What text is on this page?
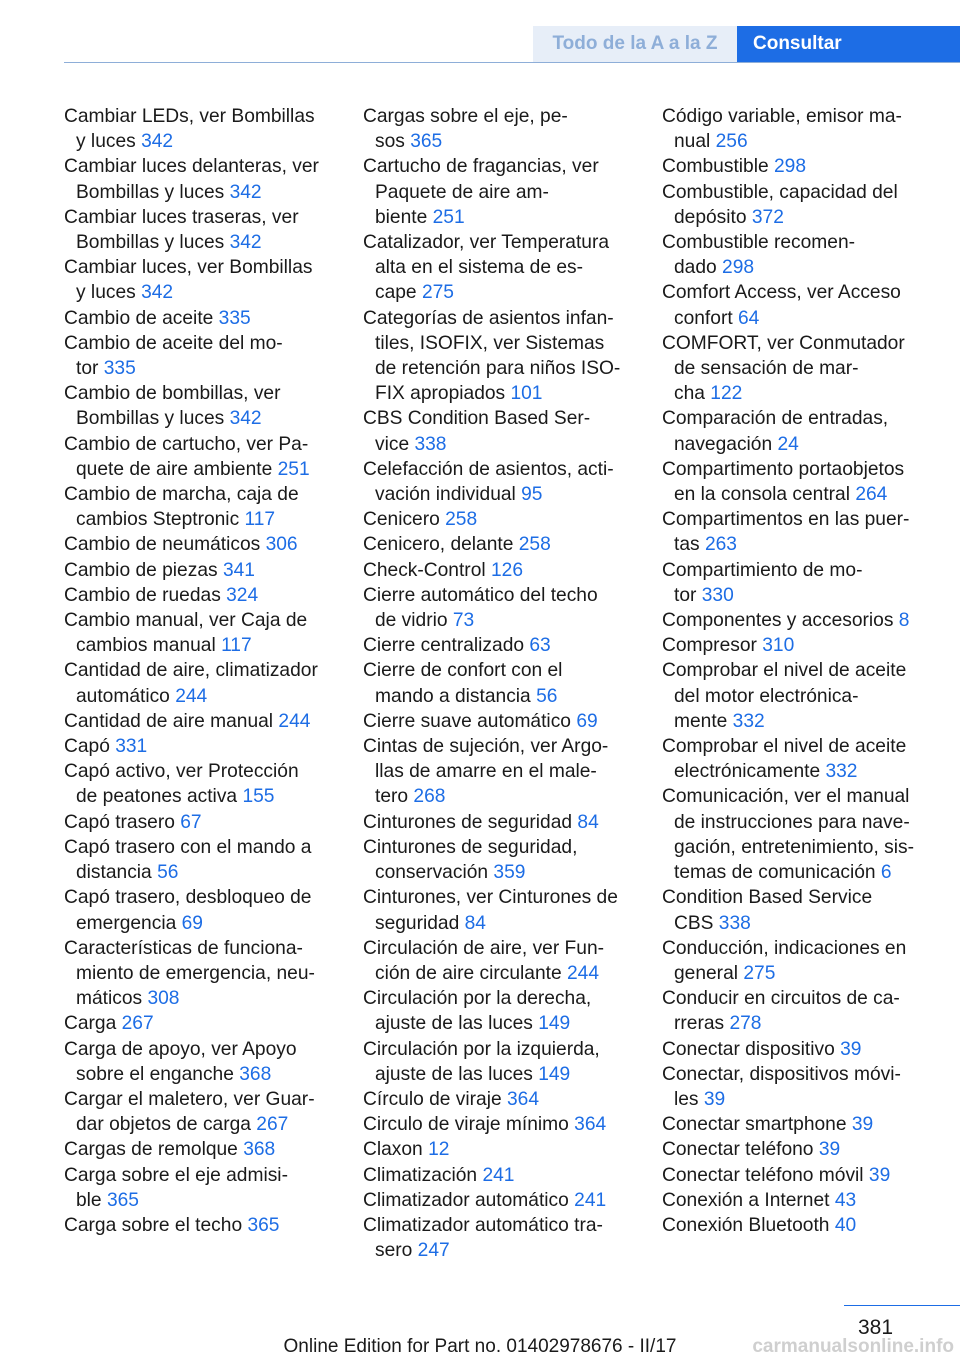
Todo de la A a la Z	Consultar

Cambiar LEDs, ver Bombillas
y luces 342

Cambiar luces delanteras, ver
Bombillas y luces 342

Cambiar luces traseras, ver
Bombillas y luces 342

Cambiar luces, ver Bombillas
y luces 342

Cambio de aceite 335

Cambio de aceite del mo-
tor 335

Cambio de bombillas, ver
Bombillas y luces 342

Cambio de cartucho, ver Pa-
quete de aire ambiente 251

Cambio de marcha, caja de
cambios Steptronic 117

Cambio de neumáticos 306

Cambio de piezas 341

Cambio de ruedas 324

Cambio manual, ver Caja de
cambios manual 117

Cantidad de aire, climatizador
automático 244

Cantidad de aire manual 244

Capó 331

Capó activo, ver Protección
de peatones activa 155

Capó trasero 67

Capó trasero con el mando a
distancia 56

Capó trasero, desbloqueo de
emergencia 69

Características de funciona-
miento de emergencia, neu-
máticos 308

Carga 267

Carga de apoyo, ver Apoyo
sobre el enganche 368

Cargar el maletero, ver Guar-
dar objetos de carga 267

Cargas de remolque 368

Carga sobre el eje admisi-
ble 365

Carga sobre el techo 365

Cargas sobre el eje, pe-
sos 365

Cartucho de fragancias, ver
Paquete de aire am-
biente 251

Catalizador, ver Temperatura
alta en el sistema de es-
cape 275

Categorías de asientos infan-
tiles, ISOFIX, ver Sistemas
de retención para niños ISO-
FIX apropiados 101

CBS Condition Based Ser-
vice 338

Celefacción de asientos, acti-
vación individual 95

Cenicero 258

Cenicero, delante 258

Check-Control 126

Cierre automático del techo
de vidrio 73

Cierre centralizado 63

Cierre de confort con el
mando a distancia 56

Cierre suave automático 69

Cintas de sujeción, ver Argo-
llas de amarre en el male-
tero 268

Cinturones de seguridad 84

Cinturones de seguridad,
conservación 359

Cinturones, ver Cinturones de
seguridad 84

Circulación de aire, ver Fun-
ción de aire circulante 244

Circulación por la derecha,
ajuste de las luces 149

Circulación por la izquierda,
ajuste de las luces 149

Círculo de viraje 364

Circulo de viraje mínimo 364

Claxon 12

Climatización 241

Climatizador automático 241

Climatizador automático tra-
sero 247

Código variable, emisor ma-
nual 256

Combustible 298

Combustible, capacidad del
depósito 372

Combustible recomen-
dado 298

Comfort Access, ver Acceso
confort 64

COMFORT, ver Conmutador
de sensación de mar-
cha 122

Comparación de entradas,
navegación 24

Compartimento portaobjetos
en la consola central 264

Compartimentos en las puer-
tas 263

Compartimiento de mo-
tor 330

Componentes y accesorios 8

Compresor 310

Comprobar el nivel de aceite
del motor electrónica-
mente 332

Comprobar el nivel de aceite
electrónicamente 332

Comunicación, ver el manual
de instrucciones para nave-
gación, entretenimiento, sis-
temas de comunicación 6

Condition Based Service
CBS 338

Conducción, indicaciones en
general 275

Conducir en circuitos de ca-
rreras 278

Conectar dispositivo 39

Conectar, dispositivos móvi-
les 39

Conectar smartphone 39

Conectar teléfono 39

Conectar teléfono móvil 39

Conexión a Internet 43

Conexión Bluetooth 40

381
Online Edition for Part no. 01402978676 - II/17	carmanualsonline.info
